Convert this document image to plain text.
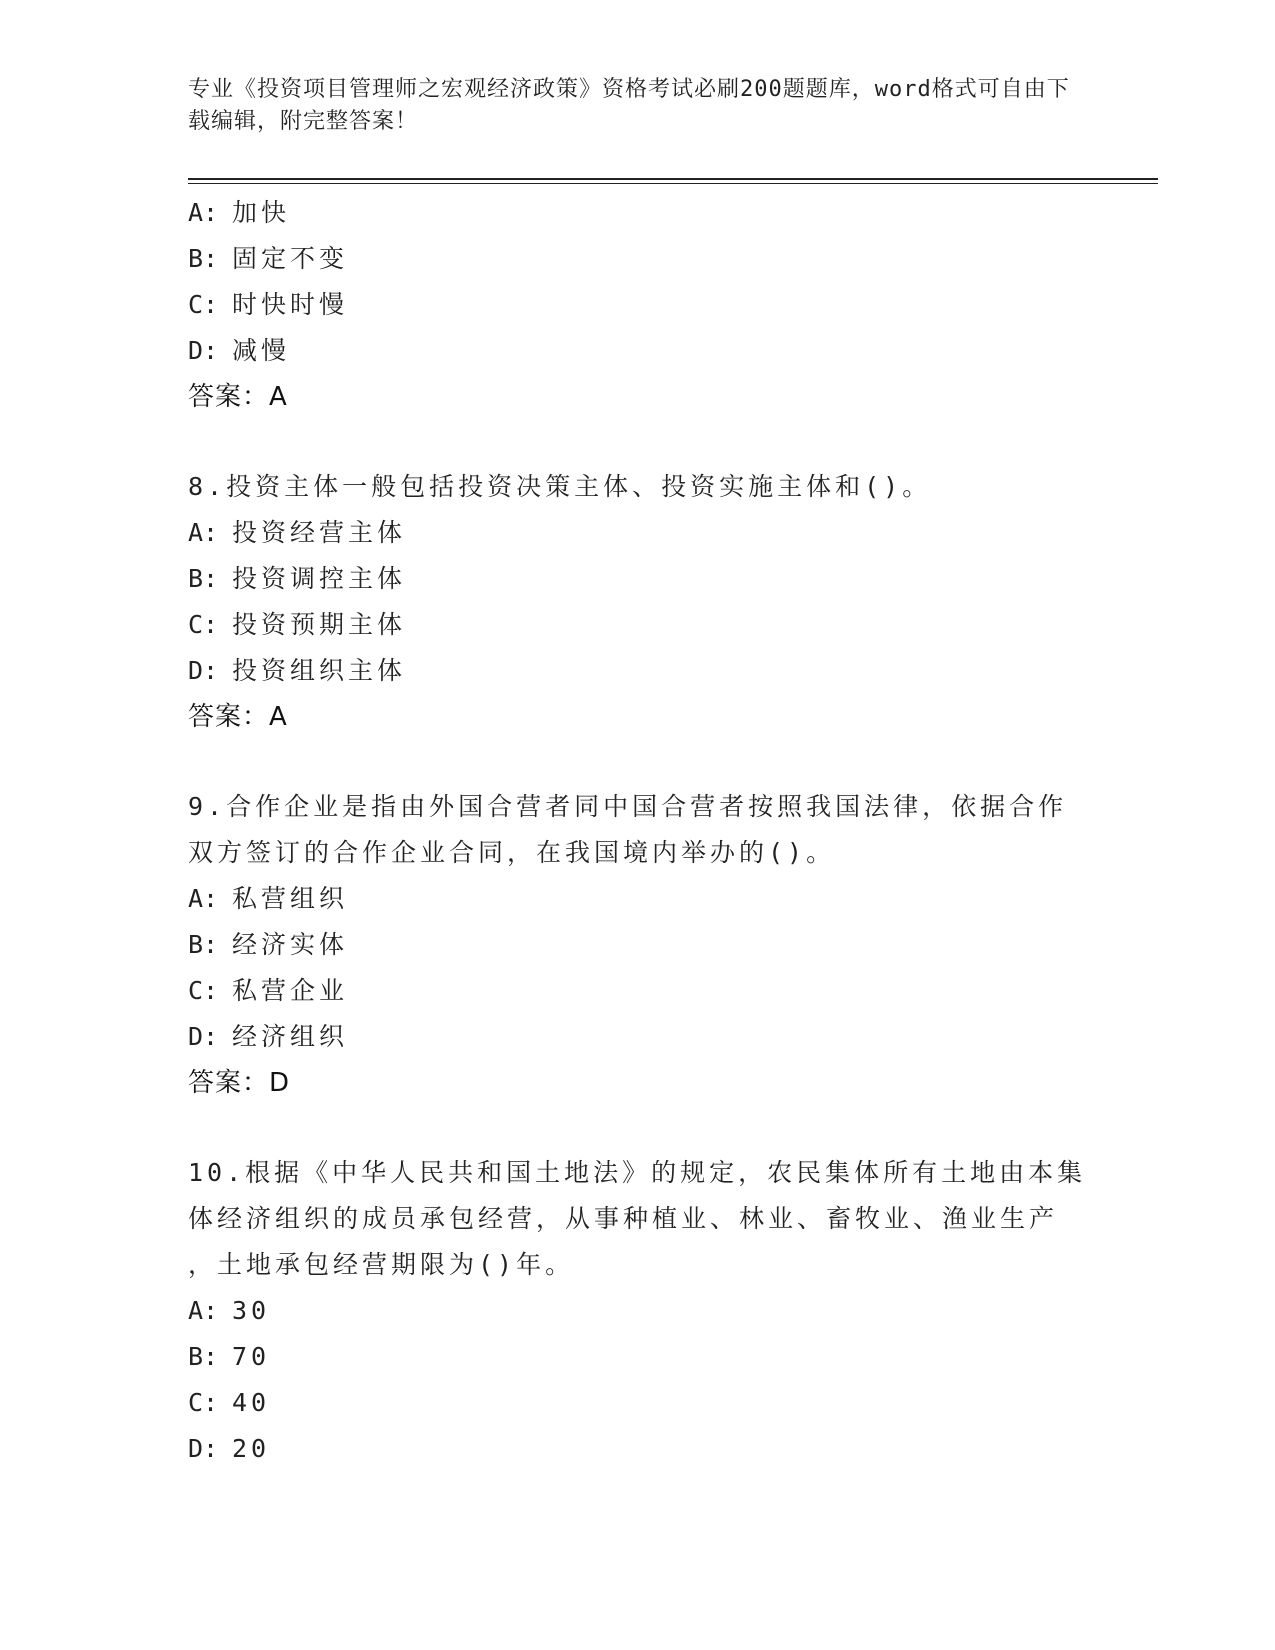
专业《投资项目管理师之宏观经济政策》资格考试必刷200题题库，word格式可自由下载编辑，附完整答案！
A: 加快
B: 固定不变
C: 时快时慢
D: 减慢
答案：A
8.投资主体一般包括投资决策主体、投资实施主体和()。
A: 投资经营主体
B: 投资调控主体
C: 投资预期主体
D: 投资组织主体
答案：A
9.合作企业是指由外国合营者同中国合营者按照我国法律，依据合作
双方签订的合作企业合同，在我国境内举办的()。
A: 私营组织
B: 经济实体
C: 私营企业
D: 经济组织
答案：D
10.根据《中华人民共和国土地法》的规定，农民集体所有土地由本集
体经济组织的成员承包经营，从事种植业、林业、畜牧业、渔业生产
，土地承包经营期限为()年。
A: 30
B: 70
C: 40
D: 20
